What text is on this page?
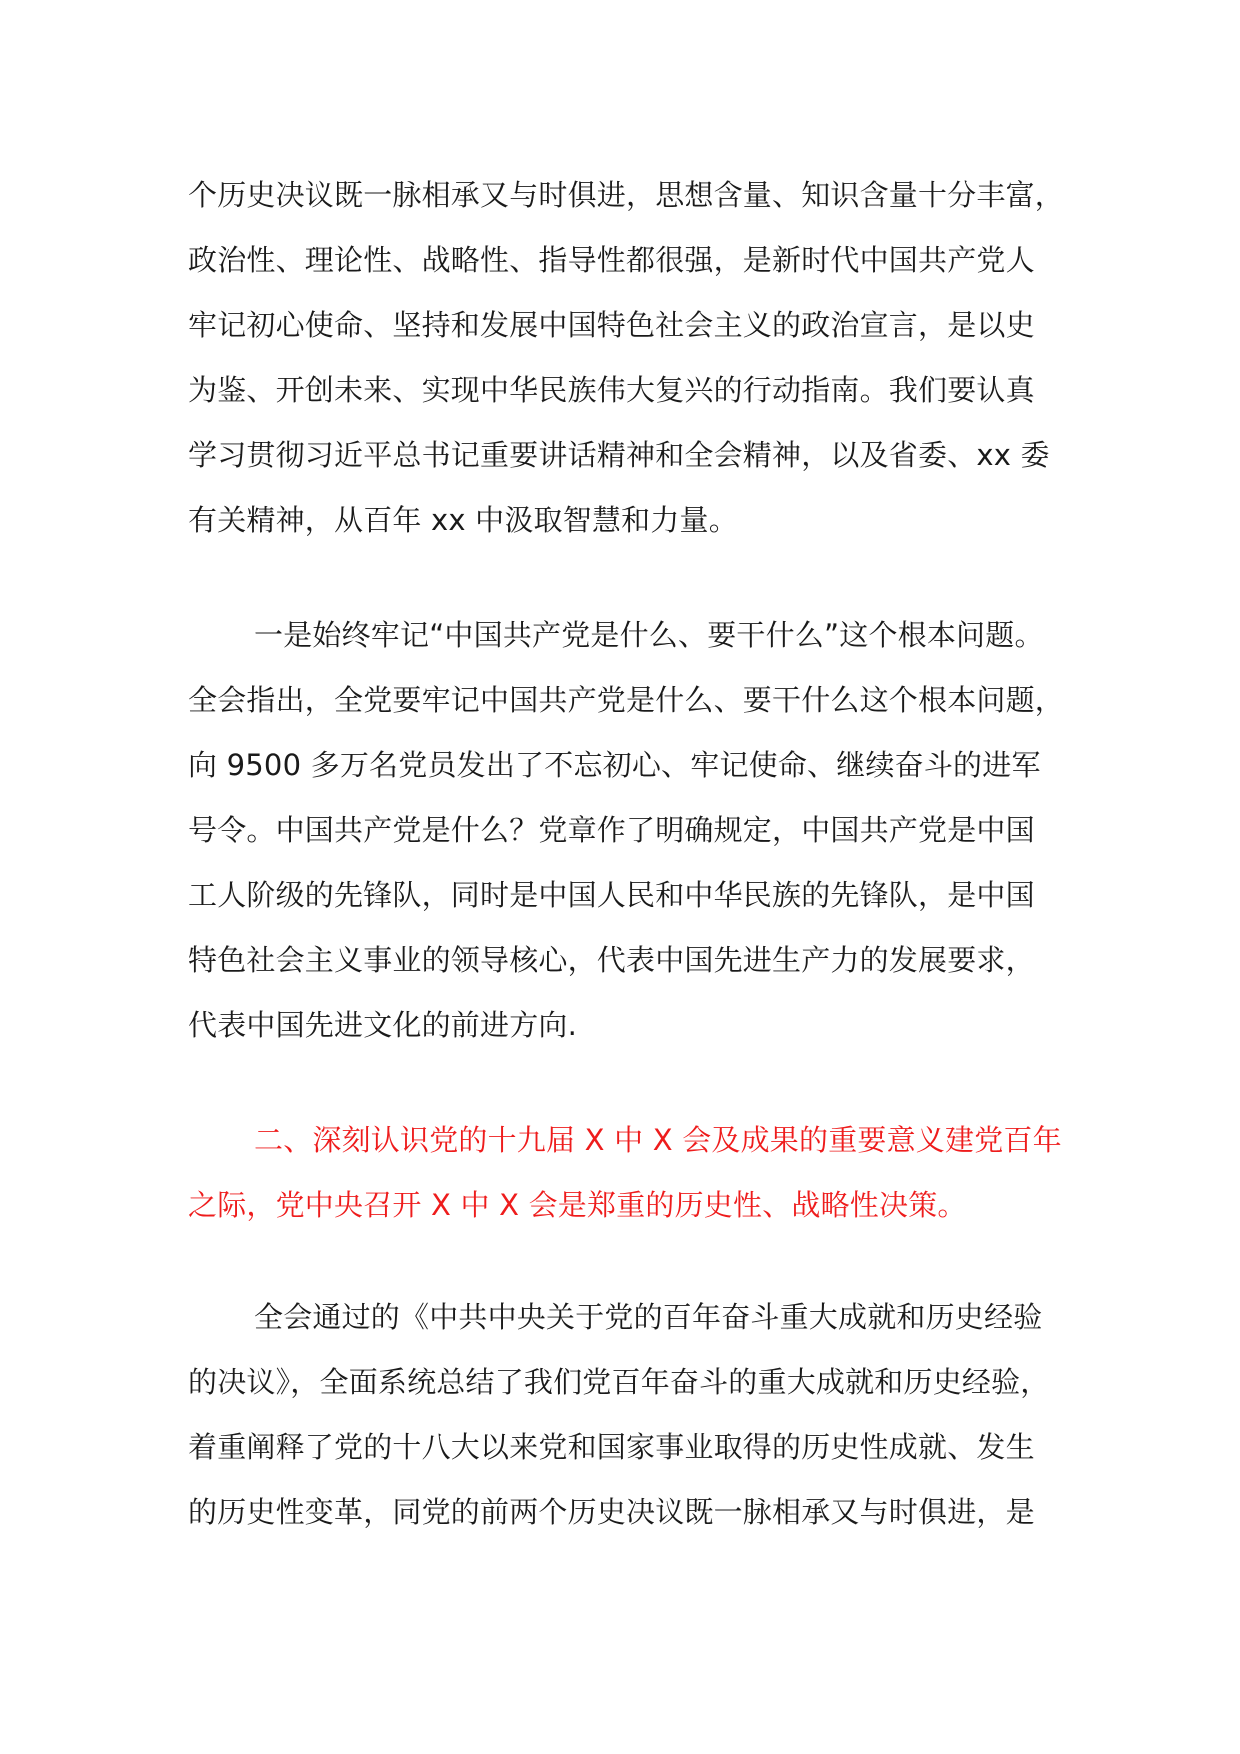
个历史决议既一脉相承又与时俱进，思想含量、知识含量十分丰富，
政治性、理论性、战略性、指导性都很强，是新时代中国共产党人
牢记初心使命、坚持和发展中国特色社会主义的政治宣言，是以史
为鉴、开创未来、实现中华民族伟大复兴的行动指南。我们要认真
学习贯彻习近平总书记重要讲话精神和全会精神，以及省委、xx 委
有关精神，从百年 xx 中汲取智慧和力量。
一是始终牢记“中国共产党是什么、要干什么”这个根本问题。
全会指出，全党要牢记中国共产党是什么、要干什么这个根本问题，
向 9500 多万名党员发出了不忘初心、牢记使命、继续奋斗的进军
号令。中国共产党是什么？党章作了明确规定，中国共产党是中国
工人阶级的先锋队，同时是中国人民和中华民族的先锋队，是中国
特色社会主义事业的领导核心，代表中国先进生产力的发展要求，
代表中国先进文化的前进方向.
二、深刻认识党的十九届 X 中 X 会及成果的重要意义建党百年
之际，党中央召开 X 中 X 会是郑重的历史性、战略性决策。
全会通过的《中共中央关于党的百年奋斗重大成就和历史经验
的决议》，全面系统总结了我们党百年奋斗的重大成就和历史经验，
着重阐释了党的十八大以来党和国家事业取得的历史性成就、发生
的历史性变革，同党的前两个历史决议既一脉相承又与时俱进，是
